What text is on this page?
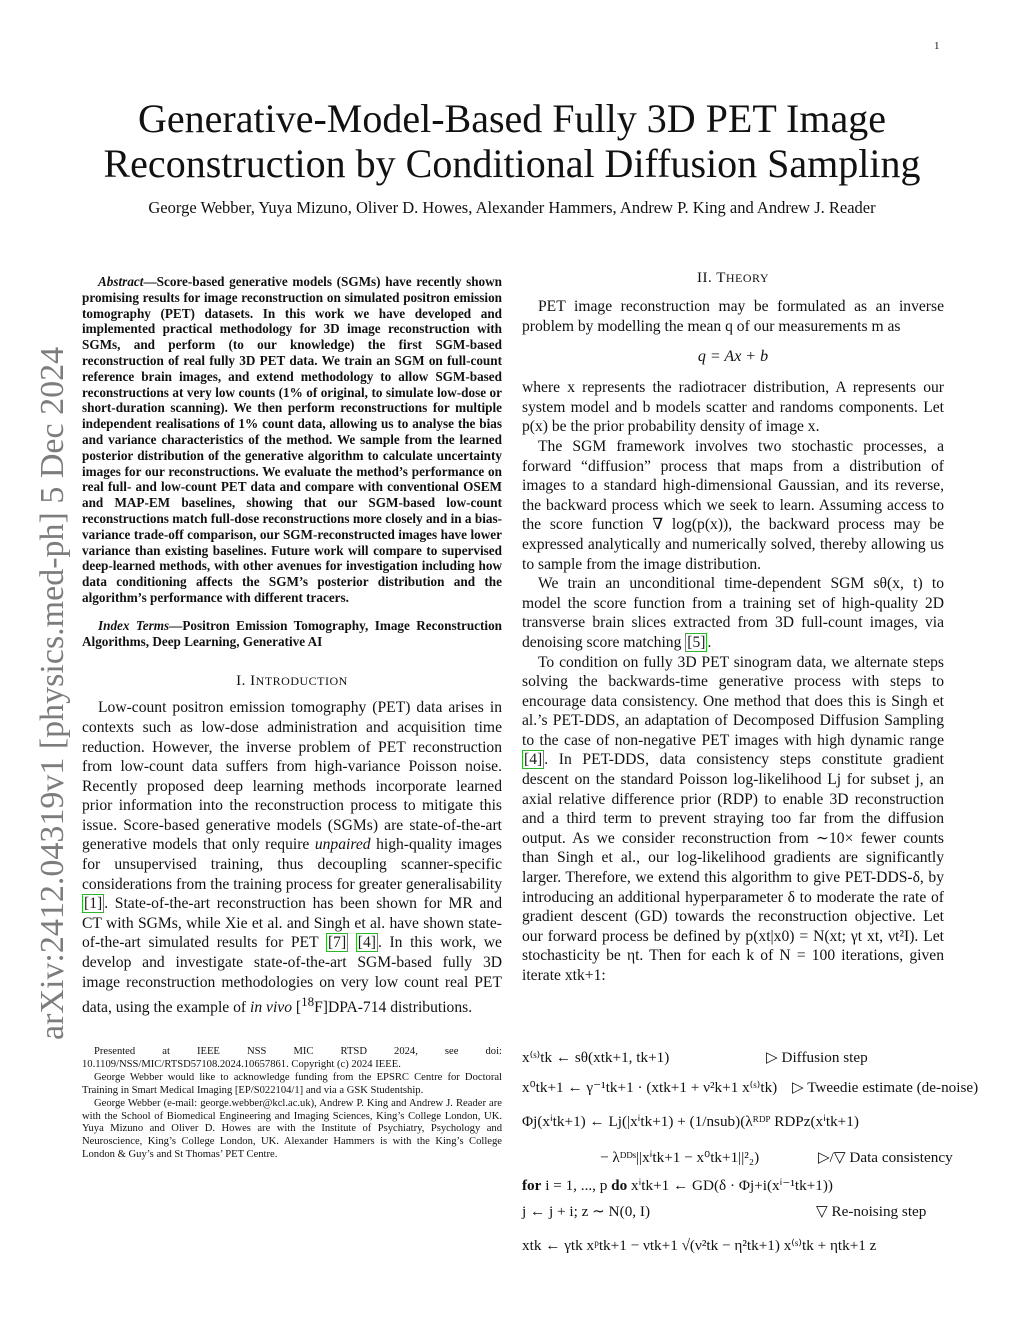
1
arXiv:2412.04319v1 [physics.med-ph] 5 Dec 2024
Generative-Model-Based Fully 3D PET Image
Reconstruction by Conditional Diffusion Sampling
George Webber, Yuya Mizuno, Oliver D. Howes, Alexander Hammers, Andrew P. King and Andrew J. Reader

Abstract—Score-based generative models (SGMs) have recently shown promising results for image reconstruction on simulated positron emission tomography (PET) datasets. In this work we have developed and implemented practical methodology for 3D image reconstruction with SGMs, and perform (to our knowledge) the first SGM-based reconstruction of real fully 3D PET data. We train an SGM on full-count reference brain images, and extend methodology to allow SGM-based reconstructions at very low counts (1% of original, to simulate low-dose or short-duration scanning). We then perform reconstructions for multiple independent realisations of 1% count data, allowing us to analyse the bias and variance characteristics of the method. We sample from the learned posterior distribution of the generative algorithm to calculate uncertainty images for our reconstructions. We evaluate the method’s performance on real full- and low-count PET data and compare with conventional OSEM and MAP-EM baselines, showing that our SGM-based low-count reconstructions match full-dose reconstructions more closely and in a bias-variance trade-off comparison, our SGM-reconstructed images have lower variance than existing baselines. Future work will compare to supervised deep-learned methods, with other avenues for investigation including how data conditioning affects the SGM’s posterior distribution and the algorithm’s performance with different tracers.

Index Terms—Positron Emission Tomography, Image Reconstruction Algorithms, Deep Learning, Generative AI

I. INTRODUCTION

Low-count positron emission tomography (PET) data arises in contexts such as low-dose administration and acquisition time reduction. However, the inverse problem of PET reconstruction from low-count data suffers from high-variance Poisson noise. Recently proposed deep learning methods incorporate learned prior information into the reconstruction process to mitigate this issue. Score-based generative models (SGMs) are state-of-the-art generative models that only require unpaired high-quality images for unsupervised training, thus decoupling scanner-specific considerations from the training process for greater generalisability [1] . State-of-the-art reconstruction has been shown for MR and CT with SGMs, while Xie et al. and Singh et al. have shown state-of-the-art simulated results for PET [7] [4] . In this work, we develop and investigate state-of-the-art SGM-based fully 3D image reconstruction methodologies on very low count real PET data, using the example of in vivo [$^{18}$F]DPA-714 distributions.

Presented at IEEE NSS MIC RTSD 2024, see doi: 10.1109/NSS/MIC/RTSD57108.2024.10657861. Copyright (c) 2024 IEEE.

George Webber would like to acknowledge funding from the EPSRC Centre for Doctoral Training in Smart Medical Imaging [EP/S022104/1] and via a GSK Studentship.

George Webber (e-mail: george.webber@kcl.ac.uk), Andrew P. King and Andrew J. Reader are with the School of Biomedical Engineering and Imaging Sciences, King’s College London, UK. Yuya Mizuno and Oliver D. Howes are with the Institute of Psychiatry, Psychology and Neuroscience, King’s College London, UK. Alexander Hammers is with the King’s College London & Guy’s and St Thomas’ PET Centre.

II. THEORY

PET image reconstruction may be formulated as an inverse problem by modelling the mean q of our measurements m as

q = Ax + b

where x represents the radiotracer distribution, A represents our system model and b models scatter and randoms components. Let p(x) be the prior probability density of image x.

The SGM framework involves two stochastic processes, a forward “diffusion” process that maps from a distribution of images to a standard high-dimensional Gaussian, and its reverse, the backward process which we seek to learn. Assuming access to the score function ∇ log(p(x)), the backward process may be expressed analytically and numerically solved, thereby allowing us to sample from the image distribution.

We train an unconditional time-dependent SGM sθ(x, t) to model the score function from a training set of high-quality 2D transverse brain slices extracted from 3D full-count images, via denoising score matching [5] .

To condition on fully 3D PET sinogram data, we alternate steps solving the backwards-time generative process with steps to encourage data consistency. One method that does this is Singh et al.’s PET-DDS, an adaptation of Decomposed Diffusion Sampling to the case of non-negative PET images with high dynamic range [4] . In PET-DDS, data consistency steps constitute gradient descent on the standard Poisson log-likelihood Lj for subset j, an axial relative difference prior (RDP) to enable 3D reconstruction and a third term to prevent straying too far from the diffusion output. As we consider reconstruction from ∼10× fewer counts than Singh et al., our log-likelihood gradients are significantly larger. Therefore, we extend this algorithm to give PET-DDS-δ, by introducing an additional hyperparameter δ to moderate the rate of gradient descent (GD) towards the reconstruction objective. Let our forward process be defined by p(xt|x0) = N(xt; γt xt, νt²I). Let stochasticity be ηt. Then for each k of N = 100 iterations, given iterate xtk+1:

x⁽ˢ⁾tk ← sθ(xtk+1, tk+1)	▷ Diffusion step
x⁰tk+1 ← γ⁻¹tk+1 · (xtk+1 + ν²k+1 x⁽ˢ⁾tk) ▷ Tweedie estimate (de-noise)
Φj(xⁱtk+1) ← Lj(|xⁱtk+1) + (1/nsub)(λᴿᴰᴾ RDPz(xⁱtk+1)
− λᴰᴰˢ||xⁱtk+1 − x⁰tk+1||²₂)	▷/▽ Data consistency
for i = 1, ..., p do xⁱtk+1 ← GD(δ · Φj+i(xⁱ⁻¹tk+1))
j ← j + i; z ∼ N(0, I)	▽ Re-noising step
xtk ← γtk xᵖtk+1 − νtk+1 √(ν²tk − η²tk+1) x⁽ˢ⁾tk + ηtk+1 z
